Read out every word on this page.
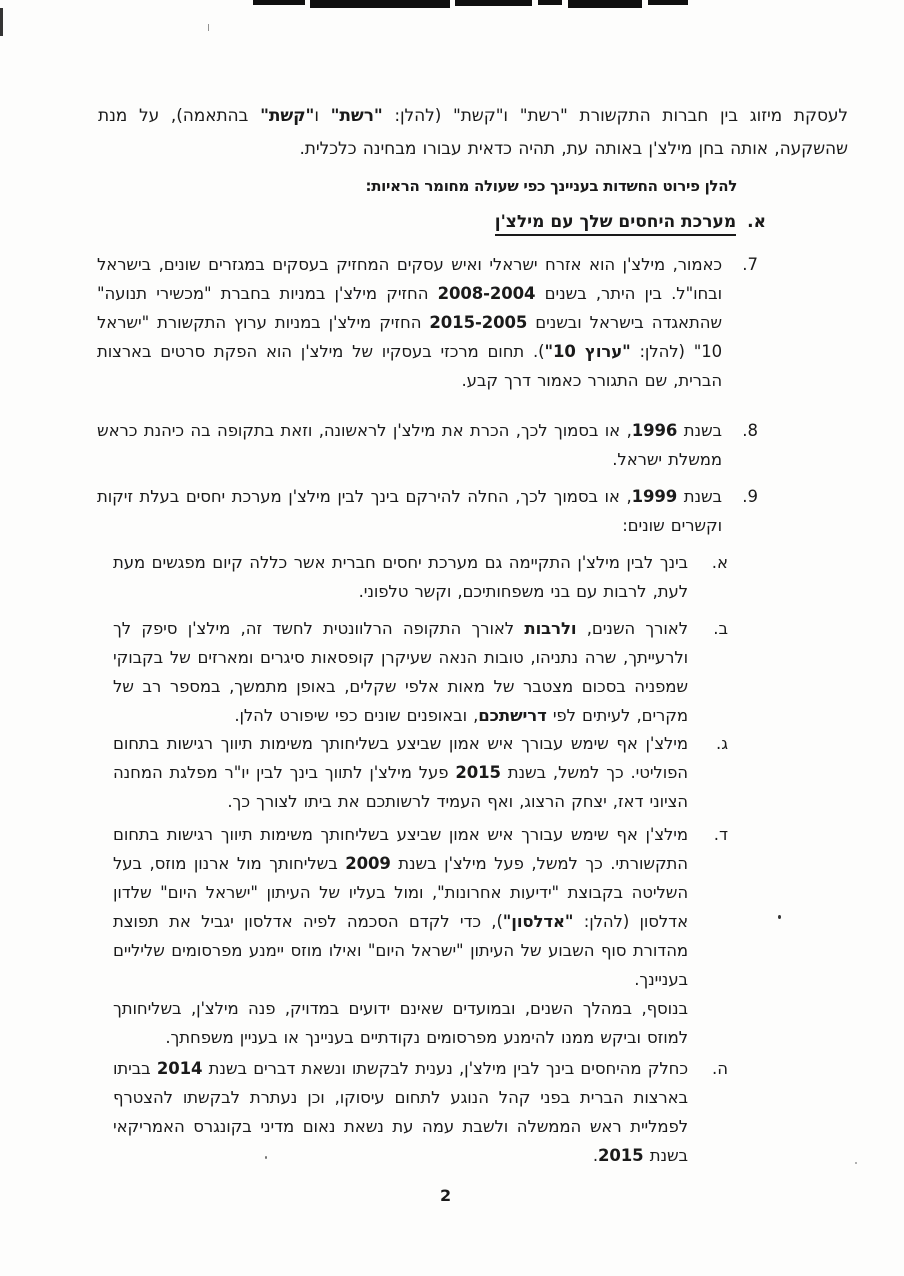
לעסקת מיזוג בין חברות התקשורת "רשת" ו"קשת" (להלן: "רשת" ו"קשת" בהתאמה), על מנת שהשקעה, אותה בחן מילצ'ן באותה עת, תהיה כדאית עבורו מבחינה כלכלית.
להלן פירוט החשדות בעניינך כפי שעולה מחומר הראיות:
א.מערכת היחסים שלך עם מילצ'ן
7.
כאמור, מילצ'ן הוא אזרח ישראלי ואיש עסקים המחזיק בעסקים במגזרים שונים, בישראל ובחו"ל. בין היתר, בשנים 2008-2004 החזיק מילצ'ן במניות בחברת "מכשירי תנועה" שהתאגדה בישראל ובשנים 2015-2005 החזיק מילצ'ן במניות ערוץ התקשורת "ישראל 10" (להלן: "ערוץ 10"). תחום מרכזי בעסקיו של מילצ'ן הוא הפקת סרטים בארצות הברית, שם התגורר כאמור דרך קבע.
8.
בשנת 1996, או בסמוך לכך, הכרת את מילצ'ן לראשונה, וזאת בתקופה בה כיהנת כראש ממשלת ישראל.
9.
בשנת 1999, או בסמוך לכך, החלה להירקם בינך לבין מילצ'ן מערכת יחסים בעלת זיקות וקשרים שונים:
א.
בינך לבין מילצ'ן התקיימה גם מערכת יחסים חברית אשר כללה קיום מפגשים מעת לעת, לרבות עם בני משפחותיכם, וקשר טלפוני.
ב.
לאורך השנים, ולרבות לאורך התקופה הרלוונטית לחשד זה, מילצ'ן סיפק לך ולרעייתך, שרה נתניהו, טובות הנאה שעיקרן קופסאות סיגרים ומארזים של בקבוקי שמפניה בסכום מצטבר של מאות אלפי שקלים, באופן מתמשך, במספר רב של מקרים, לעיתים לפי דרישתכם, ובאופנים שונים כפי שיפורט להלן.
ג.
מילצ'ן אף שימש עבורך איש אמון שביצע בשליחותך משימות תיווך רגישות בתחום הפוליטי. כך למשל, בשנת 2015 פעל מילצ'ן לתווך בינך לבין יו"ר מפלגת המחנה הציוני דאז, יצחק הרצוג, ואף העמיד לרשותכם את ביתו לצורך כך.
ד.
מילצ'ן אף שימש עבורך איש אמון שביצע בשליחותך משימות תיווך רגישות בתחום התקשורתי. כך למשל, פעל מילצ'ן בשנת 2009 בשליחותך מול ארנון מוזס, בעל השליטה בקבוצת "ידיעות אחרונות", ומול בעליו של העיתון "ישראל היום" שלדון אדלסון (להלן: "אדלסון"), כדי לקדם הסכמה לפיה אדלסון יגביל את תפוצת מהדורת סוף השבוע של העיתון "ישראל היום" ואילו מוזס יימנע מפרסומים שליליים בעניינך.
בנוסף, במהלך השנים, ובמועדים שאינם ידועים במדויק, פנה מילצ'ן, בשליחותך למוזס וביקש ממנו להימנע מפרסומים נקודתיים בעניינך או בעניין משפחתך.
ה.
כחלק מהיחסים בינך לבין מילצ'ן, נענית לבקשתו ונשאת דברים בשנת 2014 בביתו בארצות הברית בפני קהל הנוגע לתחום עיסוקו, וכן נעתרת לבקשתו להצטרף לפמליית ראש הממשלה ולשבת עמה עת נשאת נאום מדיני בקונגרס האמריקאי בשנת 2015.
2
